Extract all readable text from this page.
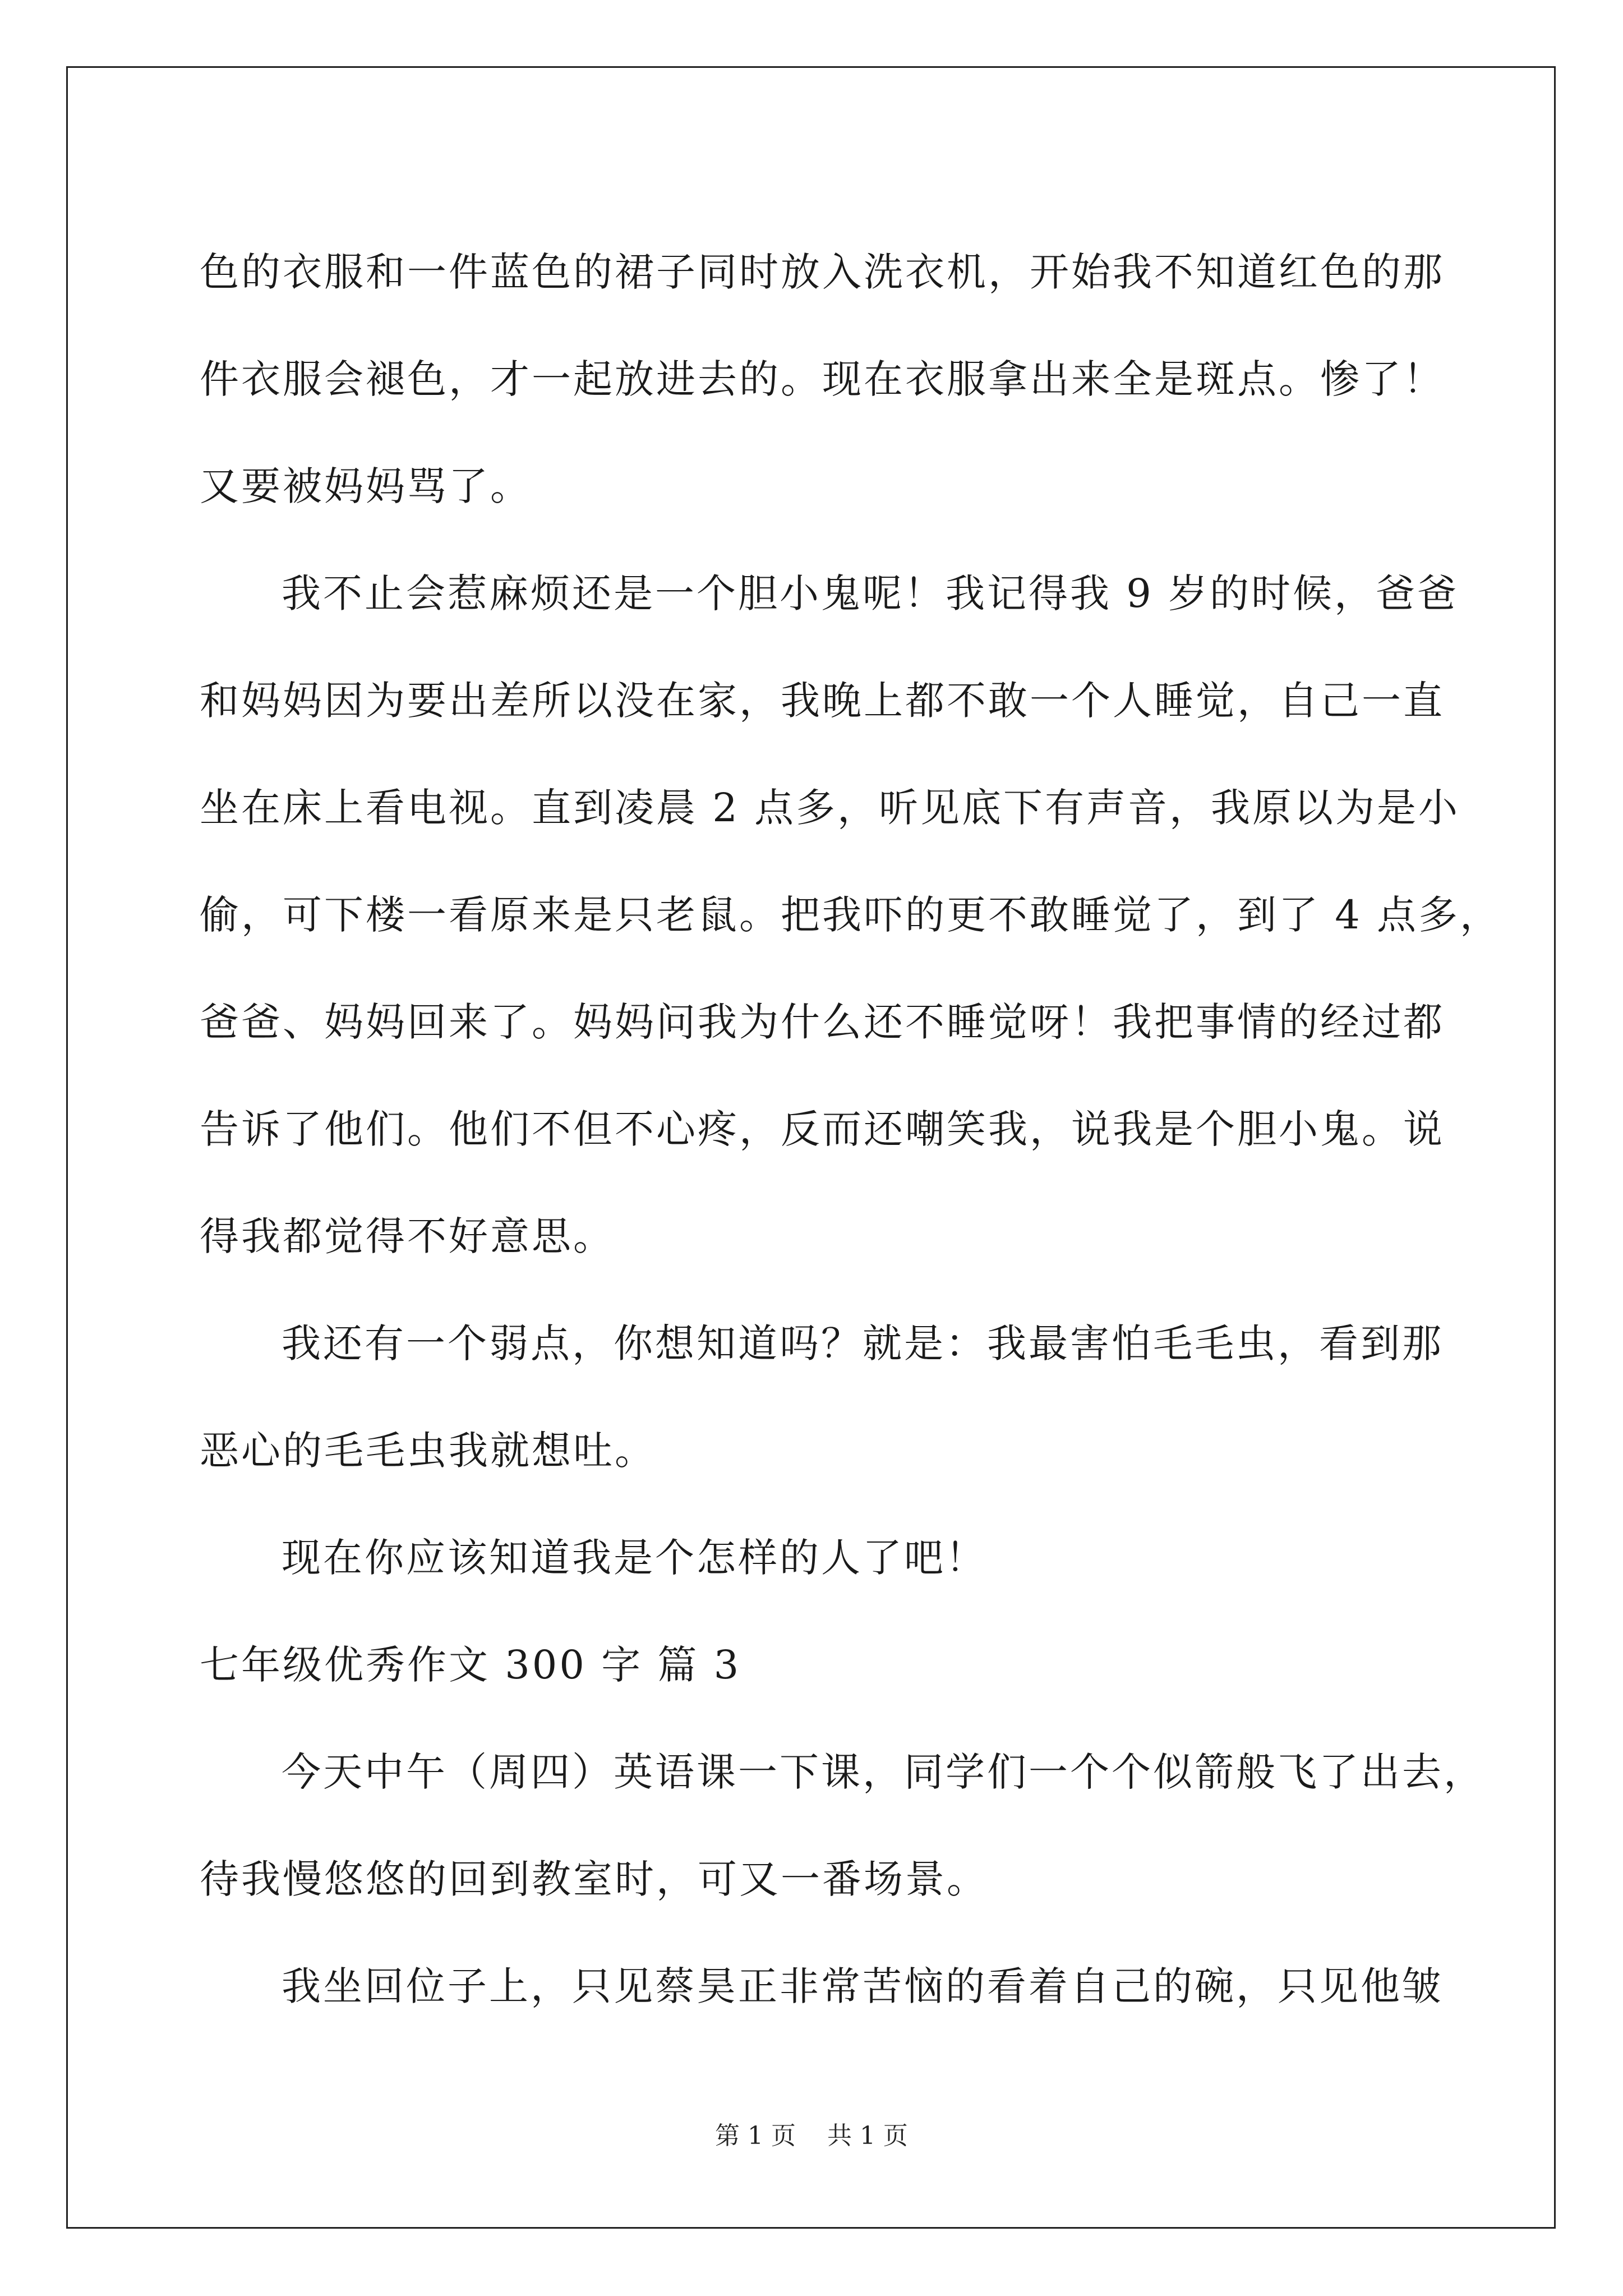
色的衣服和一件蓝色的裙子同时放入洗衣机，开始我不知道红色的那
件衣服会褪色，才一起放进去的。现在衣服拿出来全是斑点。惨了！
又要被妈妈骂了。
我不止会惹麻烦还是一个胆小鬼呢！我记得我 9 岁的时候，爸爸
和妈妈因为要出差所以没在家，我晚上都不敢一个人睡觉，自己一直
坐在床上看电视。直到凌晨 2 点多，听见底下有声音，我原以为是小
偷，可下楼一看原来是只老鼠。把我吓的更不敢睡觉了，到了 4 点多，
爸爸、妈妈回来了。妈妈问我为什么还不睡觉呀！我把事情的经过都
告诉了他们。他们不但不心疼，反而还嘲笑我，说我是个胆小鬼。说
得我都觉得不好意思。
我还有一个弱点，你想知道吗？就是：我最害怕毛毛虫，看到那
恶心的毛毛虫我就想吐。
现在你应该知道我是个怎样的人了吧！
七年级优秀作文 300 字 篇 3
今天中午（周四）英语课一下课，同学们一个个似箭般飞了出去，
待我慢悠悠的回到教室时，可又一番场景。
我坐回位子上，只见蔡昊正非常苦恼的看着自己的碗，只见他皱
第 1 页    共 1 页
